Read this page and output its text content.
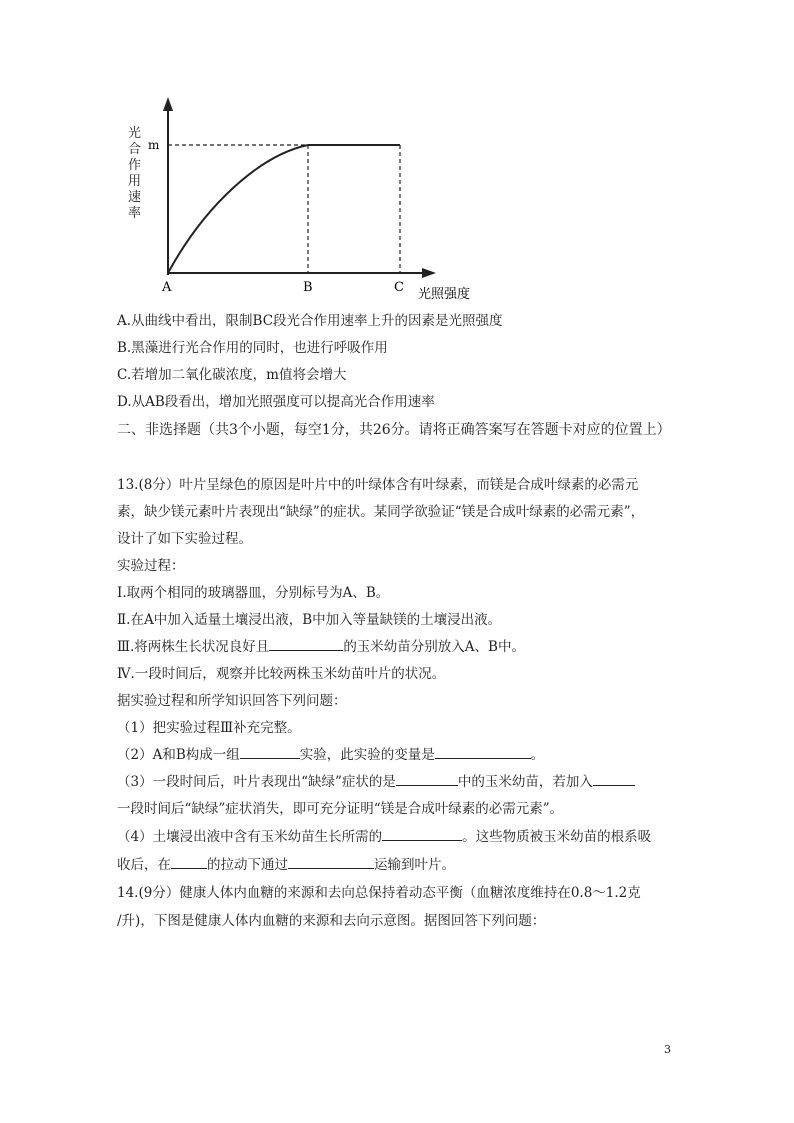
光
合
作
用
速
率
m
A	B	C 光照强度
A.从曲线中看出，限制BC段光合作用速率上升的因素是光照强度
B.黑藻进行光合作用的同时，也进行呼吸作用
C.若增加二氧化碳浓度，m值将会增大
D.从AB段看出，增加光照强度可以提高光合作用速率
二、非选择题（共3个小题，每空1分，共26分。请将正确答案写在答题卡对应的位置上）
13.(8分）叶片呈绿色的原因是叶片中的叶绿体含有叶绿素，而镁是合成叶绿素的必需元
素，缺少镁元素叶片表现出“缺绿”的症状。某同学欲验证“镁是合成叶绿素的必需元素”，
设计了如下实验过程。
实验过程：
Ⅰ.取两个相同的玻璃器皿，分别标号为A、B。
Ⅱ.在A中加入适量土壤浸出液，B中加入等量缺镁的土壤浸出液。
Ⅲ.将两株生长状况良好且	的玉米幼苗分别放入A、B中。
Ⅳ.一段时间后，观察并比较两株玉米幼苗叶片的状况。
据实验过程和所学知识回答下列问题：
（1）把实验过程Ⅲ补充完整。
（2）A和B构成一组	实验，此实验的变量是	。
（3）一段时间后，叶片表现出“缺绿”症状的是	中的玉米幼苗，若加入
一段时间后“缺绿”症状消失，即可充分证明“镁是合成叶绿素的必需元素”。
（4）土壤浸出液中含有玉米幼苗生长所需的	。这些物质被玉米幼苗的根系吸
收后，在	的拉动下通过	运输到叶片。
14.(9分）健康人体内血糖的来源和去向总保持着动态平衡（血糖浓度维持在0.8～1.2克
/升)，下图是健康人体内血糖的来源和去向示意图。据图回答下列问题：
3
